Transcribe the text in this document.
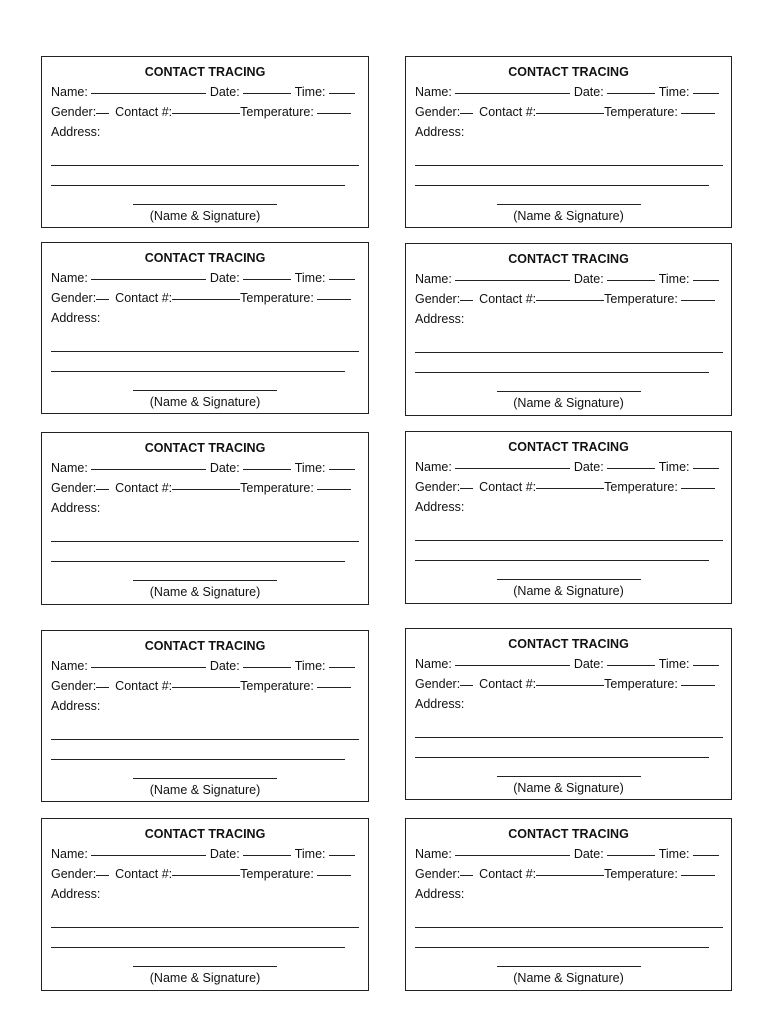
CONTACT TRACING
Name:	Date:	Time:
Gender: Contact #:	Temperature:
Address:
(Name & Signature)
CONTACT TRACING
Name:	Date:	Time:
Gender: Contact #:	Temperature:
Address:
(Name & Signature)
CONTACT TRACING
Name:	Date:	Time:
Gender: Contact #:	Temperature:
Address:
(Name & Signature)
CONTACT TRACING
Name:	Date:	Time:
Gender: Contact #:	Temperature:
Address:
(Name & Signature)
CONTACT TRACING
Name:	Date:	Time:
Gender: Contact #:	Temperature:
Address:
(Name & Signature)
CONTACT TRACING
Name:	Date:	Time:
Gender: Contact #:	Temperature:
Address:
(Name & Signature)
CONTACT TRACING
Name:	Date:	Time:
Gender: Contact #:	Temperature:
Address:
(Name & Signature)
CONTACT TRACING
Name:	Date:	Time:
Gender: Contact #:	Temperature:
Address:
(Name & Signature)
CONTACT TRACING
Name:	Date:	Time:
Gender: Contact #:	Temperature:
Address:
(Name & Signature)
CONTACT TRACING
Name:	Date:	Time:
Gender: Contact #:	Temperature:
Address:
(Name & Signature)
